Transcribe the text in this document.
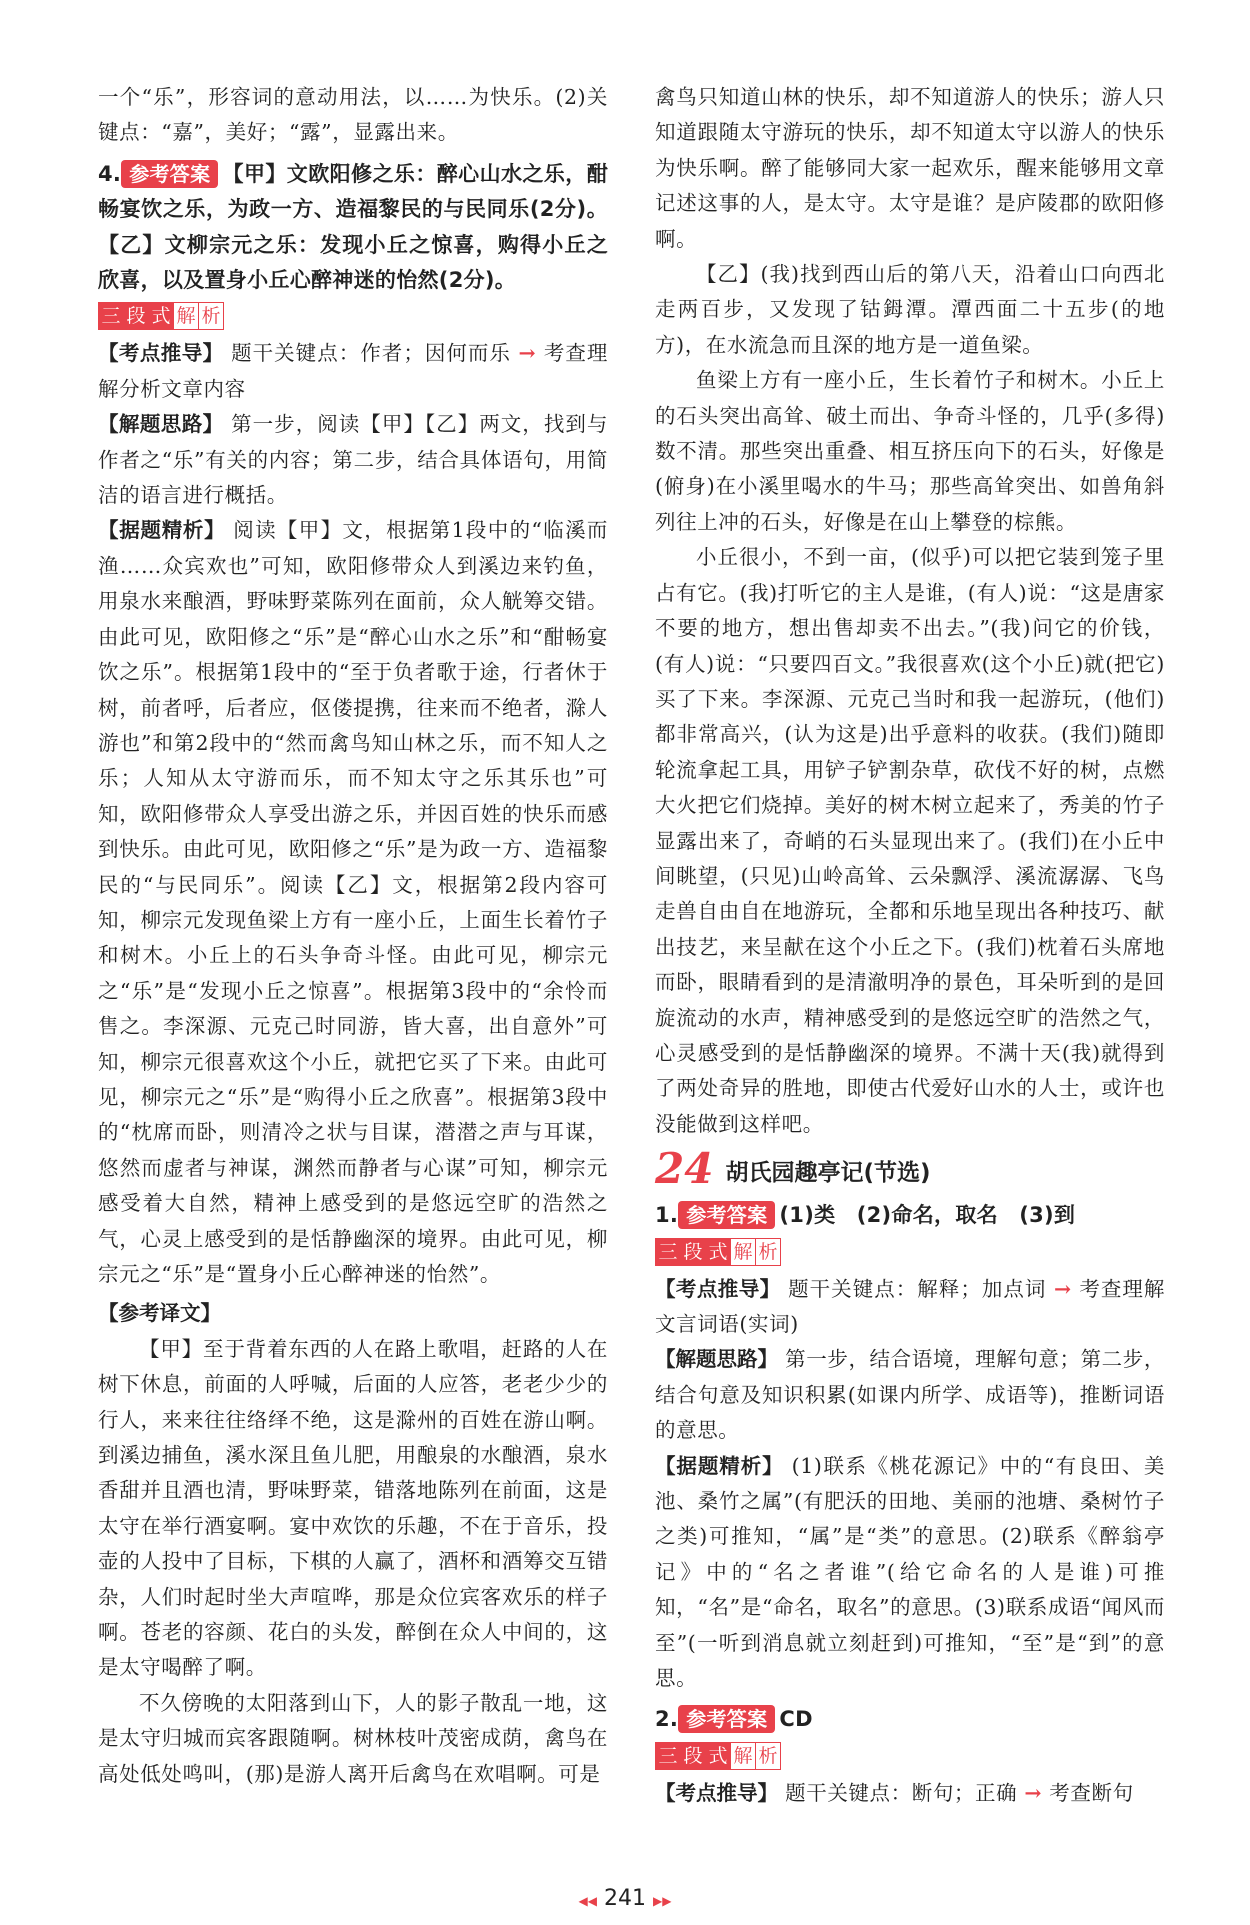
一个“乐”，形容词的意动用法，以……为快乐。(2)关键点：“嘉”，美好；“露”，显露出来。

4. 参考答案 【甲】文欧阳修之乐：醉心山水之乐，酣畅宴饮之乐，为政一方、造福黎民的与民同乐(2分)。【乙】文柳宗元之乐：发现小丘之惊喜，购得小丘之欣喜，以及置身小丘心醉神迷的怡然(2分)。

三 段 式 解 析

【考点推导】 题干关键点：作者；因何而乐 → 考查理解分析文章内容

【解题思路】 第一步，阅读【甲】【乙】两文，找到与作者之“乐”有关的内容；第二步，结合具体语句，用简洁的语言进行概括。

【据题精析】 阅读【甲】文，根据第1段中的“临溪而渔……众宾欢也”可知，欧阳修带众人到溪边来钓鱼，用泉水来酿酒，野味野菜陈列在面前，众人觥筹交错。由此可见，欧阳修之“乐”是“醉心山水之乐”和“酣畅宴饮之乐”。根据第1段中的“至于负者歌于途，行者休于树，前者呼，后者应，伛偻提携，往来而不绝者，滁人游也”和第2段中的“然而禽鸟知山林之乐，而不知人之乐；人知从太守游而乐，而不知太守之乐其乐也”可知，欧阳修带众人享受出游之乐，并因百姓的快乐而感到快乐。由此可见，欧阳修之“乐”是为政一方、造福黎民的“与民同乐”。阅读【乙】文，根据第2段内容可知，柳宗元发现鱼梁上方有一座小丘，上面生长着竹子和树木。小丘上的石头争奇斗怪。由此可见，柳宗元之“乐”是“发现小丘之惊喜”。根据第3段中的“余怜而售之。李深源、元克己时同游，皆大喜，出自意外”可知，柳宗元很喜欢这个小丘，就把它买了下来。由此可见，柳宗元之“乐”是“购得小丘之欣喜”。根据第3段中的“枕席而卧，则清冷之状与目谋，潜潜之声与耳谋，悠然而虚者与神谋，渊然而静者与心谋”可知，柳宗元感受着大自然，精神上感受到的是悠远空旷的浩然之气，心灵上感受到的是恬静幽深的境界。由此可见，柳宗元之“乐”是“置身小丘心醉神迷的怡然”。

【参考译文】

【甲】至于背着东西的人在路上歌唱，赶路的人在树下休息，前面的人呼喊，后面的人应答，老老少少的行人，来来往往络绎不绝，这是滁州的百姓在游山啊。到溪边捕鱼，溪水深且鱼儿肥，用酿泉的水酿酒，泉水香甜并且酒也清，野味野菜，错落地陈列在前面，这是太守在举行酒宴啊。宴中欢饮的乐趣，不在于音乐，投壶的人投中了目标，下棋的人赢了，酒杯和酒筹交互错杂，人们时起时坐大声喧哗，那是众位宾客欢乐的样子啊。苍老的容颜、花白的头发，醉倒在众人中间的，这是太守喝醉了啊。

不久傍晚的太阳落到山下，人的影子散乱一地，这是太守归城而宾客跟随啊。树林枝叶茂密成荫，禽鸟在高处低处鸣叫，(那)是游人离开后禽鸟在欢唱啊。可是

禽鸟只知道山林的快乐，却不知道游人的快乐；游人只知道跟随太守游玩的快乐，却不知道太守以游人的快乐为快乐啊。醉了能够同大家一起欢乐，醒来能够用文章记述这事的人，是太守。太守是谁？是庐陵郡的欧阳修啊。

【乙】(我)找到西山后的第八天，沿着山口向西北走两百步，又发现了钴鉧潭。潭西面二十五步(的地方)，在水流急而且深的地方是一道鱼梁。

鱼梁上方有一座小丘，生长着竹子和树木。小丘上的石头突出高耸、破土而出、争奇斗怪的，几乎(多得)数不清。那些突出重叠、相互挤压向下的石头，好像是(俯身)在小溪里喝水的牛马；那些高耸突出、如兽角斜列往上冲的石头，好像是在山上攀登的棕熊。

小丘很小，不到一亩，(似乎)可以把它装到笼子里占有它。(我)打听它的主人是谁，(有人)说：“这是唐家不要的地方，想出售却卖不出去。”(我)问它的价钱，(有人)说：“只要四百文。”我很喜欢(这个小丘)就(把它)买了下来。李深源、元克己当时和我一起游玩，(他们)都非常高兴，(认为这是)出乎意料的收获。(我们)随即轮流拿起工具，用铲子铲割杂草，砍伐不好的树，点燃大火把它们烧掉。美好的树木树立起来了，秀美的竹子显露出来了，奇峭的石头显现出来了。(我们)在小丘中间眺望，(只见)山岭高耸、云朵飘浮、溪流潺潺、飞鸟走兽自由自在地游玩，全都和乐地呈现出各种技巧、献出技艺，来呈献在这个小丘之下。(我们)枕着石头席地而卧，眼睛看到的是清澈明净的景色，耳朵听到的是回旋流动的水声，精神感受到的是悠远空旷的浩然之气，心灵感受到的是恬静幽深的境界。不满十天(我)就得到了两处奇异的胜地，即使古代爱好山水的人士，或许也没能做到这样吧。

24 胡氏园趣亭记(节选)

1. 参考答案 (1)类　(2)命名，取名　(3)到

三 段 式 解 析

【考点推导】 题干关键点：解释；加点词 → 考查理解文言词语(实词)

【解题思路】 第一步，结合语境，理解句意；第二步，结合句意及知识积累(如课内所学、成语等)，推断词语的意思。

【据题精析】 (1)联系《桃花源记》中的“有良田、美池、桑竹之属”(有肥沃的田地、美丽的池塘、桑树竹子之类)可推知，“属”是“类”的意思。(2)联系《醉翁亭记》中的“名之者谁”(给它命名的人是谁)可推知，“名”是“命名，取名”的意思。(3)联系成语“闻风而至”(一听到消息就立刻赶到)可推知，“至”是“到”的意思。

2. 参考答案 CD

三 段 式 解 析

【考点推导】 题干关键点：断句；正确 → 考查断句

◀◀ 241 ▶▶
